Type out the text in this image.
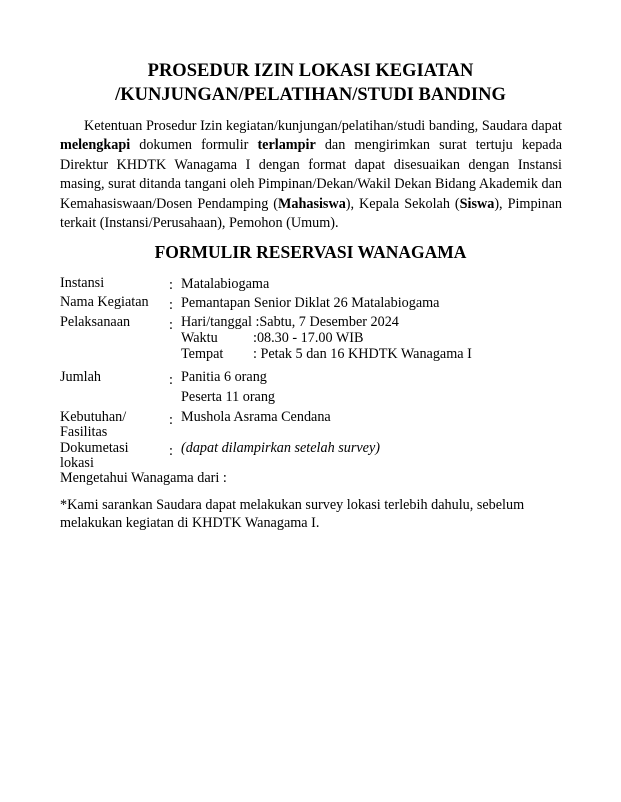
PROSEDUR IZIN LOKASI KEGIATAN
/KUNJUNGAN/PELATIHAN/STUDI BANDING
Ketentuan Prosedur Izin kegiatan/kunjungan/pelatihan/studi banding, Saudara dapat melengkapi dokumen formulir terlampir dan mengirimkan surat tertuju kepada Direktur KHDTK Wanagama I dengan format dapat disesuaikan dengan Instansi masing, surat ditanda tangani oleh Pimpinan/Dekan/Wakil Dekan Bidang Akademik dan Kemahasiswaan/Dosen Pendamping (Mahasiswa), Kepala Sekolah (Siswa), Pimpinan terkait (Instansi/Perusahaan), Pemohon (Umum).
FORMULIR RESERVASI WANAGAMA
Instansi	: Matalabiogama
Nama Kegiatan : Pemantapan Senior Diklat 26 Matalabiogama
Pelaksanaan	: Hari/tanggal :Sabtu, 7 Desember 2024
Waktu :08.30 - 17.00 WIB
Tempat : Petak 5 dan 16 KHDTK Wanagama I
Jumlah	: Panitia 6 orang
Peserta 11 orang
Kebutuhan/
Fasilitas
: Mushola Asrama Cendana
Dokumetasi
lokasi
: (dapat dilampirkan setelah survey)
Mengetahui Wanagama dari :
*Kami sarankan Saudara dapat melakukan survey lokasi terlebih dahulu, sebelum melakukan kegiatan di KHDTK Wanagama I.
